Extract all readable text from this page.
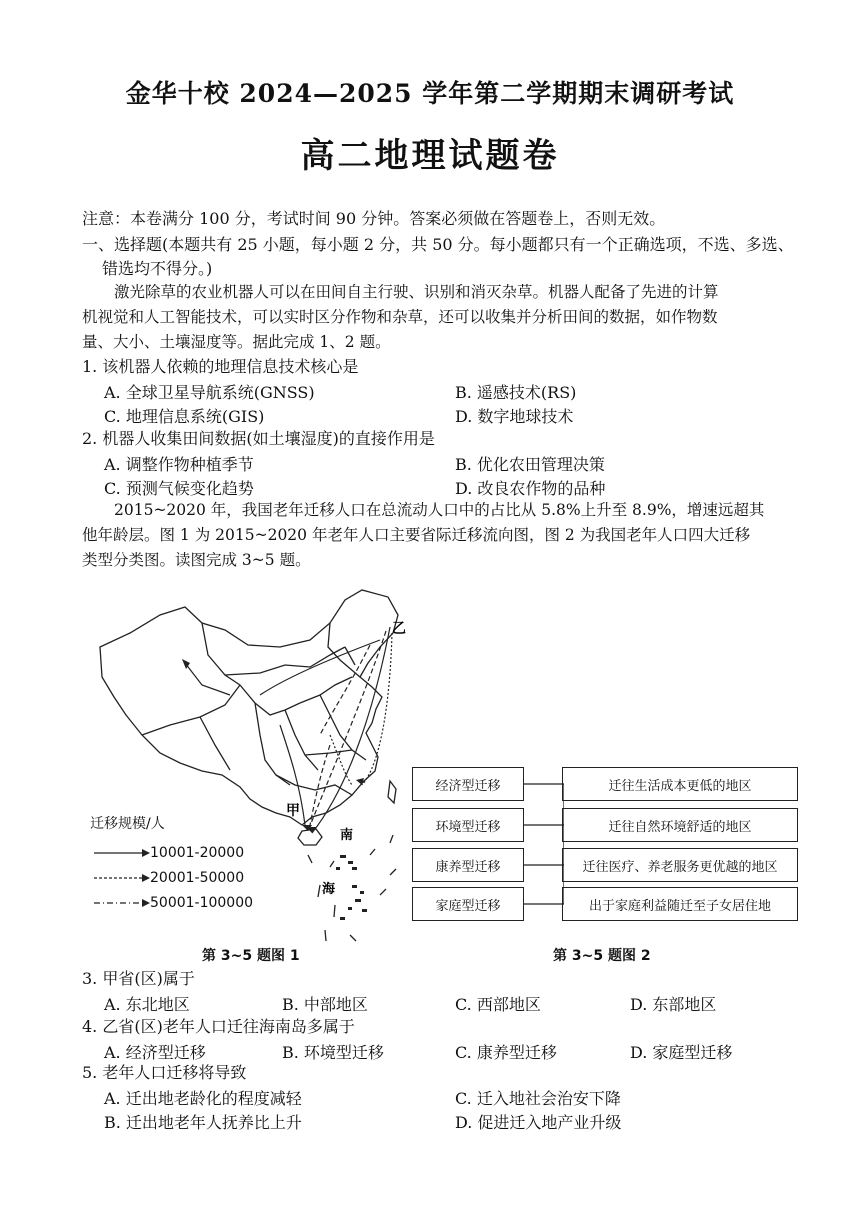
金华十校 2024—2025 学年第二学期期末调研考试
高二地理试题卷
注意：本卷满分 100 分，考试时间 90 分钟。答案必须做在答题卷上，否则无效。
一、选择题(本题共有 25 小题，每小题 2 分，共 50 分。每小题都只有一个正确选项，不选、多选、
错选均不得分。)
激光除草的农业机器人可以在田间自主行驶、识别和消灭杂草。机器人配备了先进的计算
机视觉和人工智能技术，可以实时区分作物和杂草，还可以收集并分析田间的数据，如作物数
量、大小、土壤湿度等。据此完成 1、2 题。
1. 该机器人依赖的地理信息技术核心是
A. 全球卫星导航系统(GNSS)	B. 遥感技术(RS)
C. 地理信息系统(GIS)	D. 数字地球技术
2. 机器人收集田间数据(如土壤湿度)的直接作用是
A. 调整作物种植季节	B. 优化农田管理决策
C. 预测气候变化趋势	D. 改良农作物的品种
2015~2020 年，我国老年迁移人口在总流动人口中的占比从 5.8%上升至 8.9%，增速远超其
他年龄层。图 1 为 2015~2020 年老年人口主要省际迁移流向图，图 2 为我国老年人口四大迁移
类型分类图。读图完成 3~5 题。
乙
甲
南
海
迁移规模/人
10001-20000
20001-50000
50001-100000
第 3~5 题图 1
经济型迁移
环境型迁移
康养型迁移
家庭型迁移
迁往生活成本更低的地区
迁往自然环境舒适的地区
迁往医疗、养老服务更优越的地区
出于家庭利益随迁至子女居住地
第 3~5 题图 2
3. 甲省(区)属于
A. 东北地区	B. 中部地区	C. 西部地区	D. 东部地区
4. 乙省(区)老年人口迁往海南岛多属于
A. 经济型迁移	B. 环境型迁移	C. 康养型迁移	D. 家庭型迁移
5. 老年人口迁移将导致
A. 迁出地老龄化的程度减轻	C. 迁入地社会治安下降
B. 迁出地老年人抚养比上升	D. 促进迁入地产业升级
